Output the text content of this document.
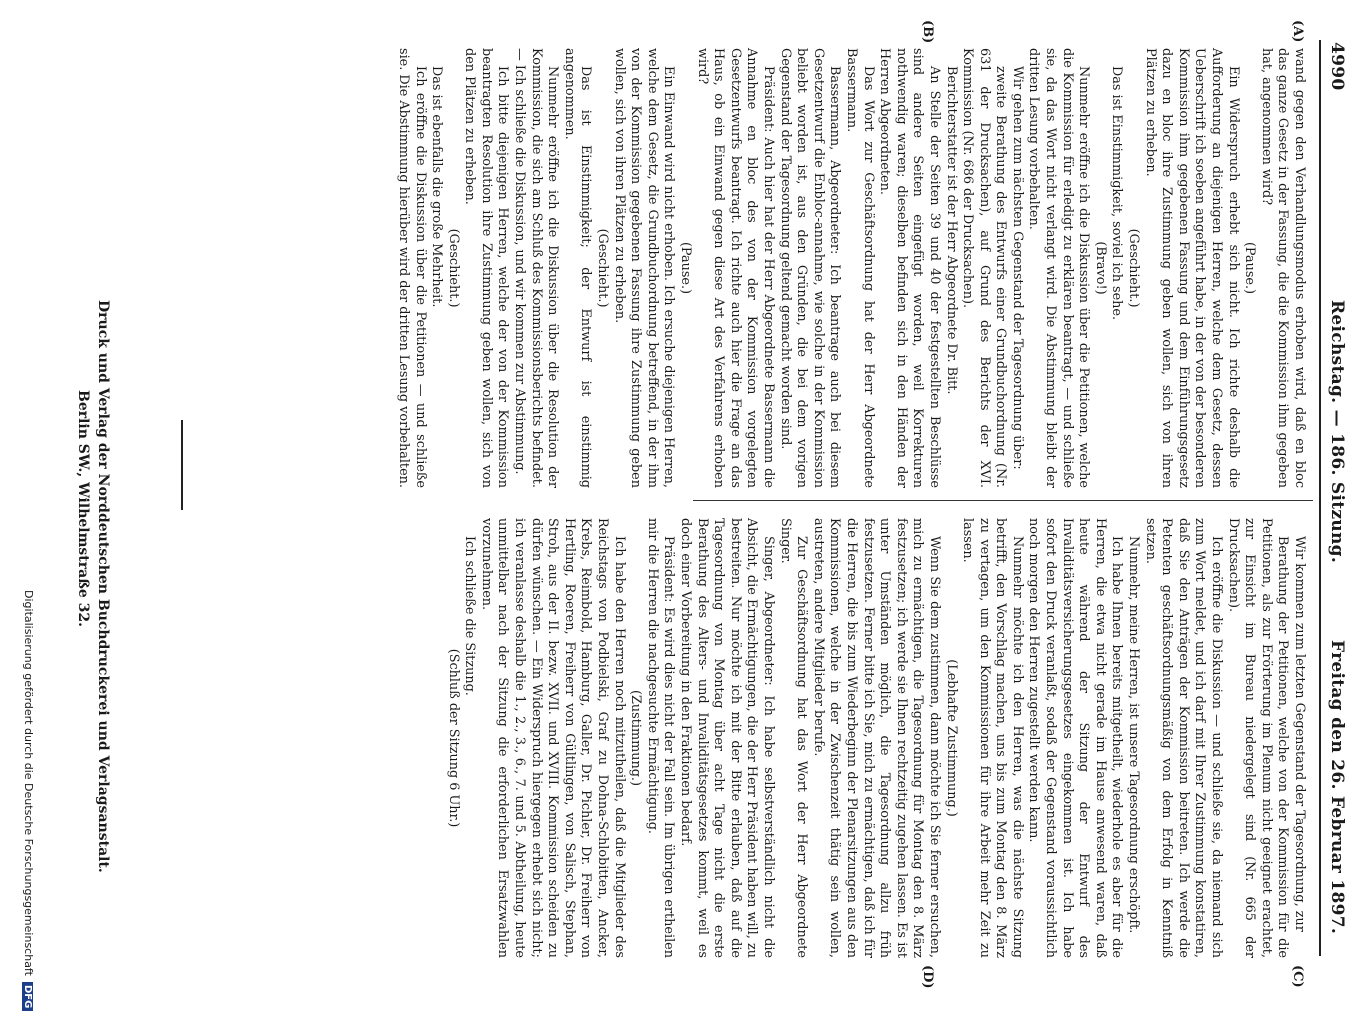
4990
Reichstag. — 186. Sitzung.
Freitag den 26. Februar 1897.
(A)
(B)
(C)
(D)

wand gegen den Verhandlungsmodus erhoben wird, daß en bloc das ganze Gesetz in der Fassung, die die Kommission ihm gegeben hat, angenommen wird?

(Pause.)

Ein Widerspruch erhebt sich nicht. Ich richte deshalb die Aufforderung an diejenigen Herren, welche dem Gesetz, dessen Ueberschrift ich soeben angeführt habe, in der von der besonderen Kommission ihm gegebenen Fassung und dem Einführungsgesetz dazu en bloc ihre Zustimmung geben wollen, sich von ihren Plätzen zu erheben.

(Geschieht.)

Das ist Einstimmigkeit, soviel ich sehe.

(Bravo!)

Nunmehr eröffne ich die Diskussion über die Petitionen, welche die Kommission für erledigt zu erklären beantragt, — und schließe sie, da das Wort nicht verlangt wird. Die Abstimmung bleibt der dritten Lesung vorbehalten.

Wir gehen zum nächsten Gegenstand der Tagesordnung über:

zweite Berathung des Entwurfs einer Grundbuchordnung (Nr. 631 der Drucksachen), auf Grund des Berichts der XVI. Kommission (Nr. 686 der Drucksachen).

Berichterstatter ist der Herr Abgeordnete Dr. Bitt.

An Stelle der Seiten 39 und 40 der festgestellten Beschlüsse sind andere Seiten eingefügt worden, weil Korrekturen nothwendig waren; dieselben befinden sich in den Händen der Herren Abgeordneten.

Das Wort zur Geschäftsordnung hat der Herr Abgeordnete Bassermann.

Bassermann, Abgeordneter: Ich beantrage auch bei diesem Gesetzentwurf die Enbloc-annahme, wie solche in der Kommission beliebt worden ist, aus den Gründen, die bei dem vorigen Gegenstand der Tagesordnung geltend gemacht worden sind.

Präsident: Auch hier hat der Herr Abgeordnete Bassermann die Annahme en bloc des von der Kommission vorgelegten Gesetzentwurfs beantragt. Ich richte auch hier die Frage an das Haus, ob ein Einwand gegen diese Art des Verfahrens erhoben wird?

(Pause.)

Ein Einwand wird nicht erhoben. Ich ersuche diejenigen Herren, welche dem Gesetz, die Grundbuchordnung betreffend, in der ihm von der Kommission gegebenen Fassung ihre Zustimmung geben wollen, sich von ihren Plätzen zu erheben.

(Geschieht.)

Das ist Einstimmigkeit; der Entwurf ist einstimmig angenommen.

Nunmehr eröffne ich die Diskussion über die Resolution der Kommission, die sich am Schluß des Kommissionsberichts befindet. — Ich schließe die Diskussion, und wir kommen zur Abstimmung.

Ich bitte diejenigen Herren, welche der von der Kommission beantragten Resolution ihre Zustimmung geben wollen, sich von den Plätzen zu erheben.

(Geschieht.)

Das ist ebenfalls die große Mehrheit.

Ich eröffne die Diskussion über die Petitionen — und schließe sie. Die Abstimmung hierüber wird der dritten Lesung vorbehalten.

Wir kommen zum letzten Gegenstand der Tagesordnung, zur

Berathung der Petitionen, welche von der Kommission für die Petitionen, als zur Erörterung im Plenum nicht geeignet erachtet, zur Einsicht im Bureau niedergelegt sind (Nr. 665 der Drucksachen).

Ich eröffne die Diskussion — und schließe sie, da niemand sich zum Wort meldet, und ich darf mit Ihrer Zustimmung konstatiren, daß Sie den Anträgen der Kommission beitreten. Ich werde die Petenten geschäftsordnungsmäßig von dem Erfolg in Kenntniß setzen.

Nunmehr, meine Herren, ist unsere Tagesordnung erschöpft.

Ich habe Ihnen bereits mitgetheilt, wiederhole es aber für die Herren, die etwa nicht gerade im Hause anwesend waren, daß heute während der Sitzung der Entwurf des Invaliditätsversicherungsgesetzes eingekommen ist. Ich habe sofort den Druck veranlaßt, sodaß der Gegenstand voraussichtlich noch morgen den Herren zugestellt werden kann.

Nunmehr möchte ich den Herren, was die nächste Sitzung betrifft, den Vorschlag machen, uns bis zum Montag den 8. März zu vertagen, um den Kommissionen für ihre Arbeit mehr Zeit zu lassen.

(Lebhafte Zustimmung.)

Wenn Sie dem zustimmen, dann möchte ich Sie ferner ersuchen, mich zu ermächtigen, die Tagesordnung für Montag den 8. März festzusetzen; ich werde sie Ihnen rechtzeitig zugehen lassen. Es ist unter Umständen möglich, die Tagesordnung allzu früh festzusetzen. Ferner bitte ich Sie, mich zu ermächtigen, daß ich für die Herren, die bis zum Wiederbeginn der Plenarsitzungen aus den Kommissionen, welche in der Zwischenzeit thätig sein wollen, austreten, andere Mitglieder berufe.

Zur Geschäftsordnung hat das Wort der Herr Abgeordnete Singer.

Singer, Abgeordneter: Ich habe selbstverständlich nicht die Absicht, die Ermächtigungen, die der Herr Präsident haben will, zu bestreiten. Nur möchte ich mit der Bitte erlauben, daß auf die Tagesordnung von Montag über acht Tage nicht die erste Berathung des Alters- und Invaliditätsgesetzes kommt, weil es doch einer Vorbereitung in den Fraktionen bedarf.

Präsident: Es wird dies nicht der Fall sein. Im übrigen ertheilen mir die Herren die nachgesuchte Ermächtigung.

(Zustimmung.)

Ich habe den Herren noch mitzutheilen, daß die Mitglieder des Reichstags von Podbielski, Graf zu Dohna-Schlobitten, Ancker, Krebs, Reimbold, Hamburg, Galler, Dr. Pichler, Dr. Freiherr von Hertling, Roeren, Freiherr von Gültlingen, von Salisch, Stephan, Stroh, aus der II. bezw. XVII. und XVIII. Kommission scheiden zu dürfen wünschen. — Ein Widerspruch hiergegen erhebt sich nicht; ich veranlasse deshalb die 1., 2., 3., 6., 7. und 5. Abtheilung, heute unmittelbar nach der Sitzung die erforderlichen Ersatzwahlen vorzunehmen.

Ich schließe die Sitzung.

(Schluß der Sitzung 6 Uhr.)

Druck und Verlag der Norddeutschen Buchdruckerei und Verlagsanstalt.
Berlin SW., Wilhelmstraße 32.
Digitalisierung gefördert durch die Deutsche ForschungsgemeinschaftDFG
